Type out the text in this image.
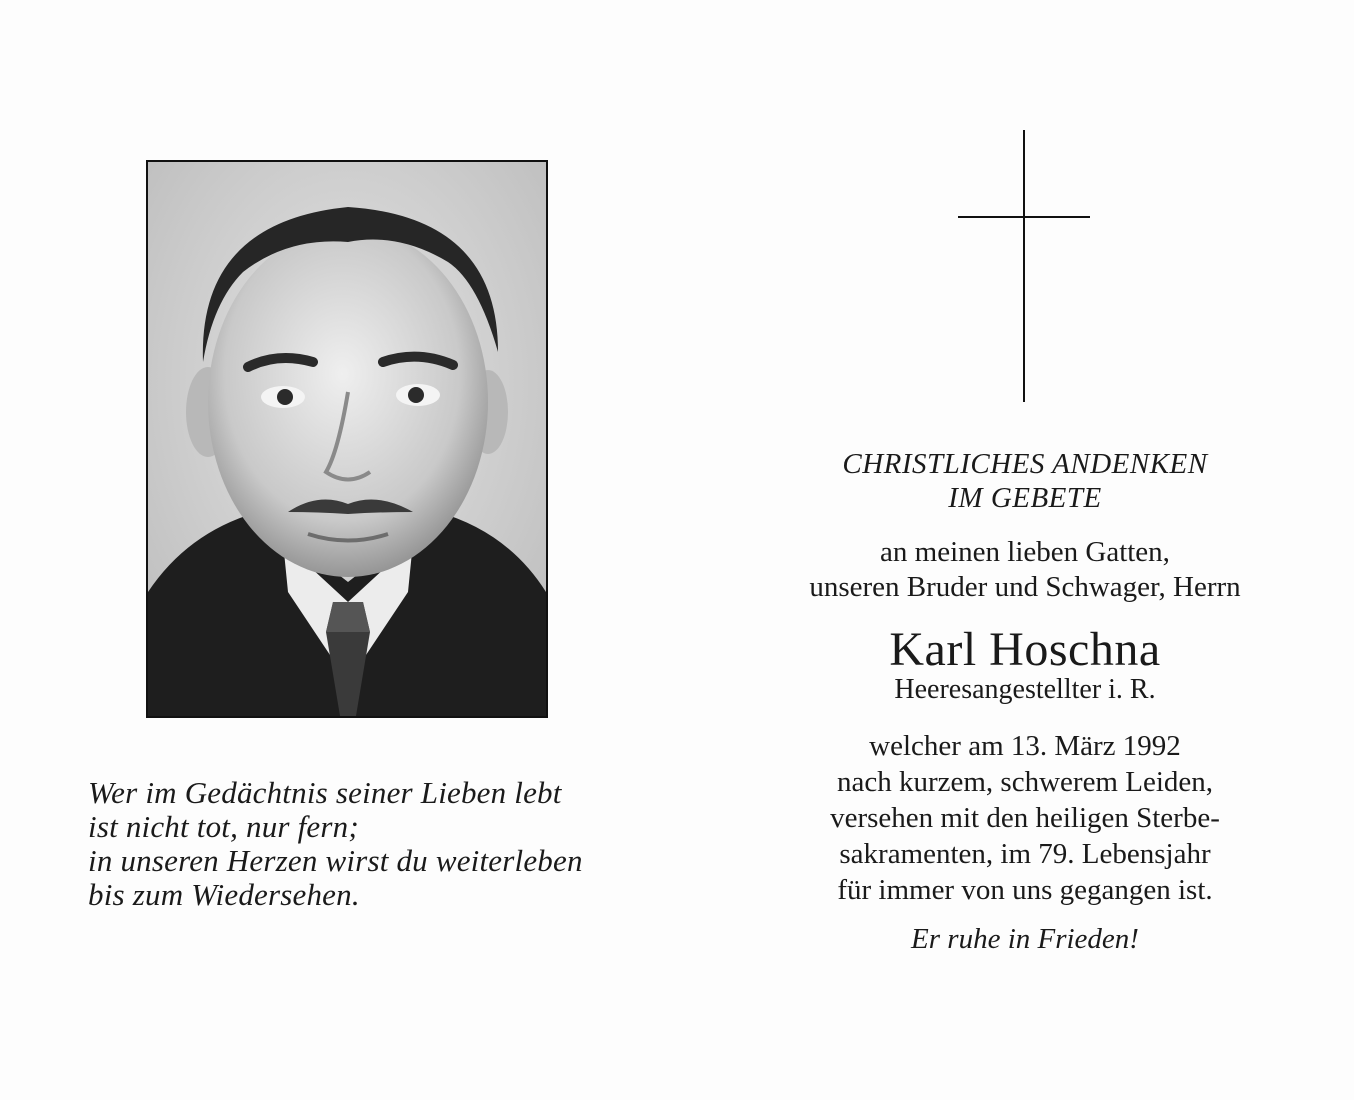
Wer im Gedächtnis seiner Lieben lebt
ist nicht tot, nur fern;
in unseren Herzen wirst du weiterleben
bis zum Wiedersehen.
CHRISTLICHES ANDENKEN
IM GEBETE
an meinen lieben Gatten,
unseren Bruder und Schwager, Herrn
Karl Hoschna
Heeresangestellter i. R.
welcher am 13. März 1992
nach kurzem, schwerem Leiden,
versehen mit den heiligen Sterbe-
sakramenten, im 79. Lebensjahr
für immer von uns gegangen ist.
Er ruhe in Frieden!
